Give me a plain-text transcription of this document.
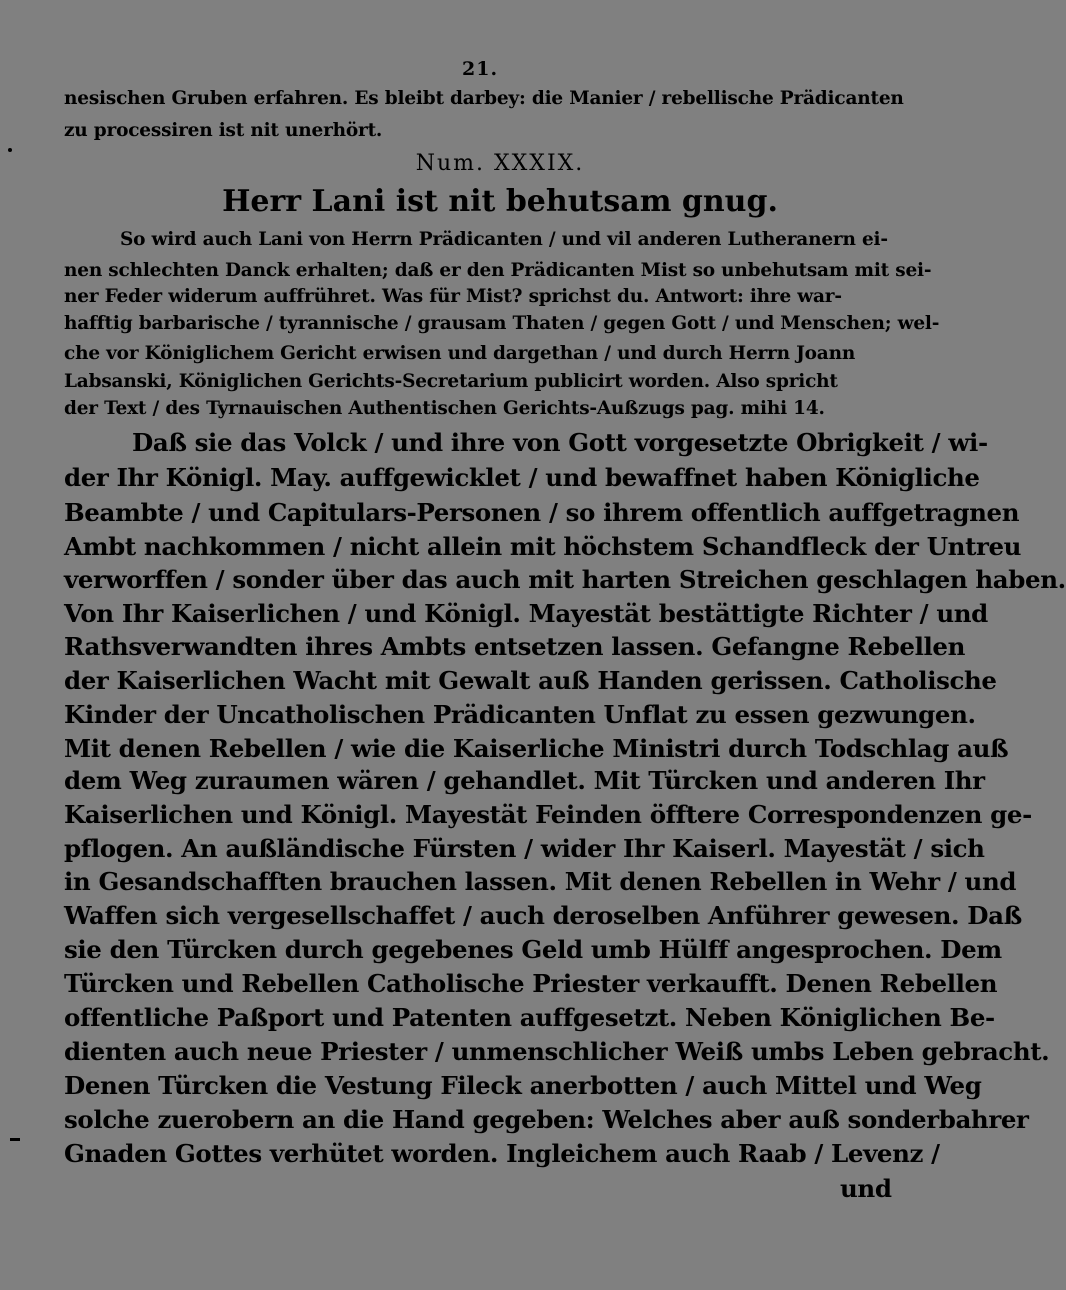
21.
nesischen Gruben erfahren. Es bleibt darbey: die Manier / rebellische Prädicanten
zu processiren ist nit unerhört.
Num. XXXIX.
Herr Lani ist nit behutsam gnug.
So wird auch Lani von Herrn Prädicanten / und vil anderen Lutheranern ei-
nen schlechten Danck erhalten; daß er den Prädicanten Mist so unbehutsam mit sei-
ner Feder widerum auffrühret. Was für Mist? sprichst du. Antwort: ihre war-
hafftig barbarische / tyrannische / grausam Thaten / gegen Gott / und Menschen; wel-
che vor Königlichem Gericht erwisen und dargethan / und durch Herrn Joann
Labsanski, Königlichen Gerichts-Secretarium publicirt worden. Also spricht
der Text / des Tyrnauischen Authentischen Gerichts-Außzugs pag. mihi 14.
Daß sie das Volck / und ihre von Gott vorgesetzte Obrigkeit / wi-
der Ihr Königl. May. auffgewicklet / und bewaffnet haben Königliche
Beambte / und Capitulars-Personen / so ihrem offentlich auffgetragnen
Ambt nachkommen / nicht allein mit höchstem Schandfleck der Untreu
verworffen / sonder über das auch mit harten Streichen geschlagen haben.
Von Ihr Kaiserlichen / und Königl. Mayestät bestättigte Richter / und
Rathsverwandten ihres Ambts entsetzen lassen. Gefangne Rebellen
der Kaiserlichen Wacht mit Gewalt auß Handen gerissen. Catholische
Kinder der Uncatholischen Prädicanten Unflat zu essen gezwungen.
Mit denen Rebellen / wie die Kaiserliche Ministri durch Todschlag auß
dem Weg zuraumen wären / gehandlet. Mit Türcken und anderen Ihr
Kaiserlichen und Königl. Mayestät Feinden öfftere Correspondenzen ge-
pflogen. An außländische Fürsten / wider Ihr Kaiserl. Mayestät / sich
in Gesandschafften brauchen lassen. Mit denen Rebellen in Wehr / und
Waffen sich vergesellschaffet / auch deroselben Anführer gewesen. Daß
sie den Türcken durch gegebenes Geld umb Hülff angesprochen. Dem
Türcken und Rebellen Catholische Priester verkaufft. Denen Rebellen
offentliche Paßport und Patenten auffgesetzt. Neben Königlichen Be-
dienten auch neue Priester / unmenschlicher Weiß umbs Leben gebracht.
Denen Türcken die Vestung Fileck anerbotten / auch Mittel und Weg
solche zuerobern an die Hand gegeben: Welches aber auß sonderbahrer
Gnaden Gottes verhütet worden. Ingleichem auch Raab / Levenz /
und
